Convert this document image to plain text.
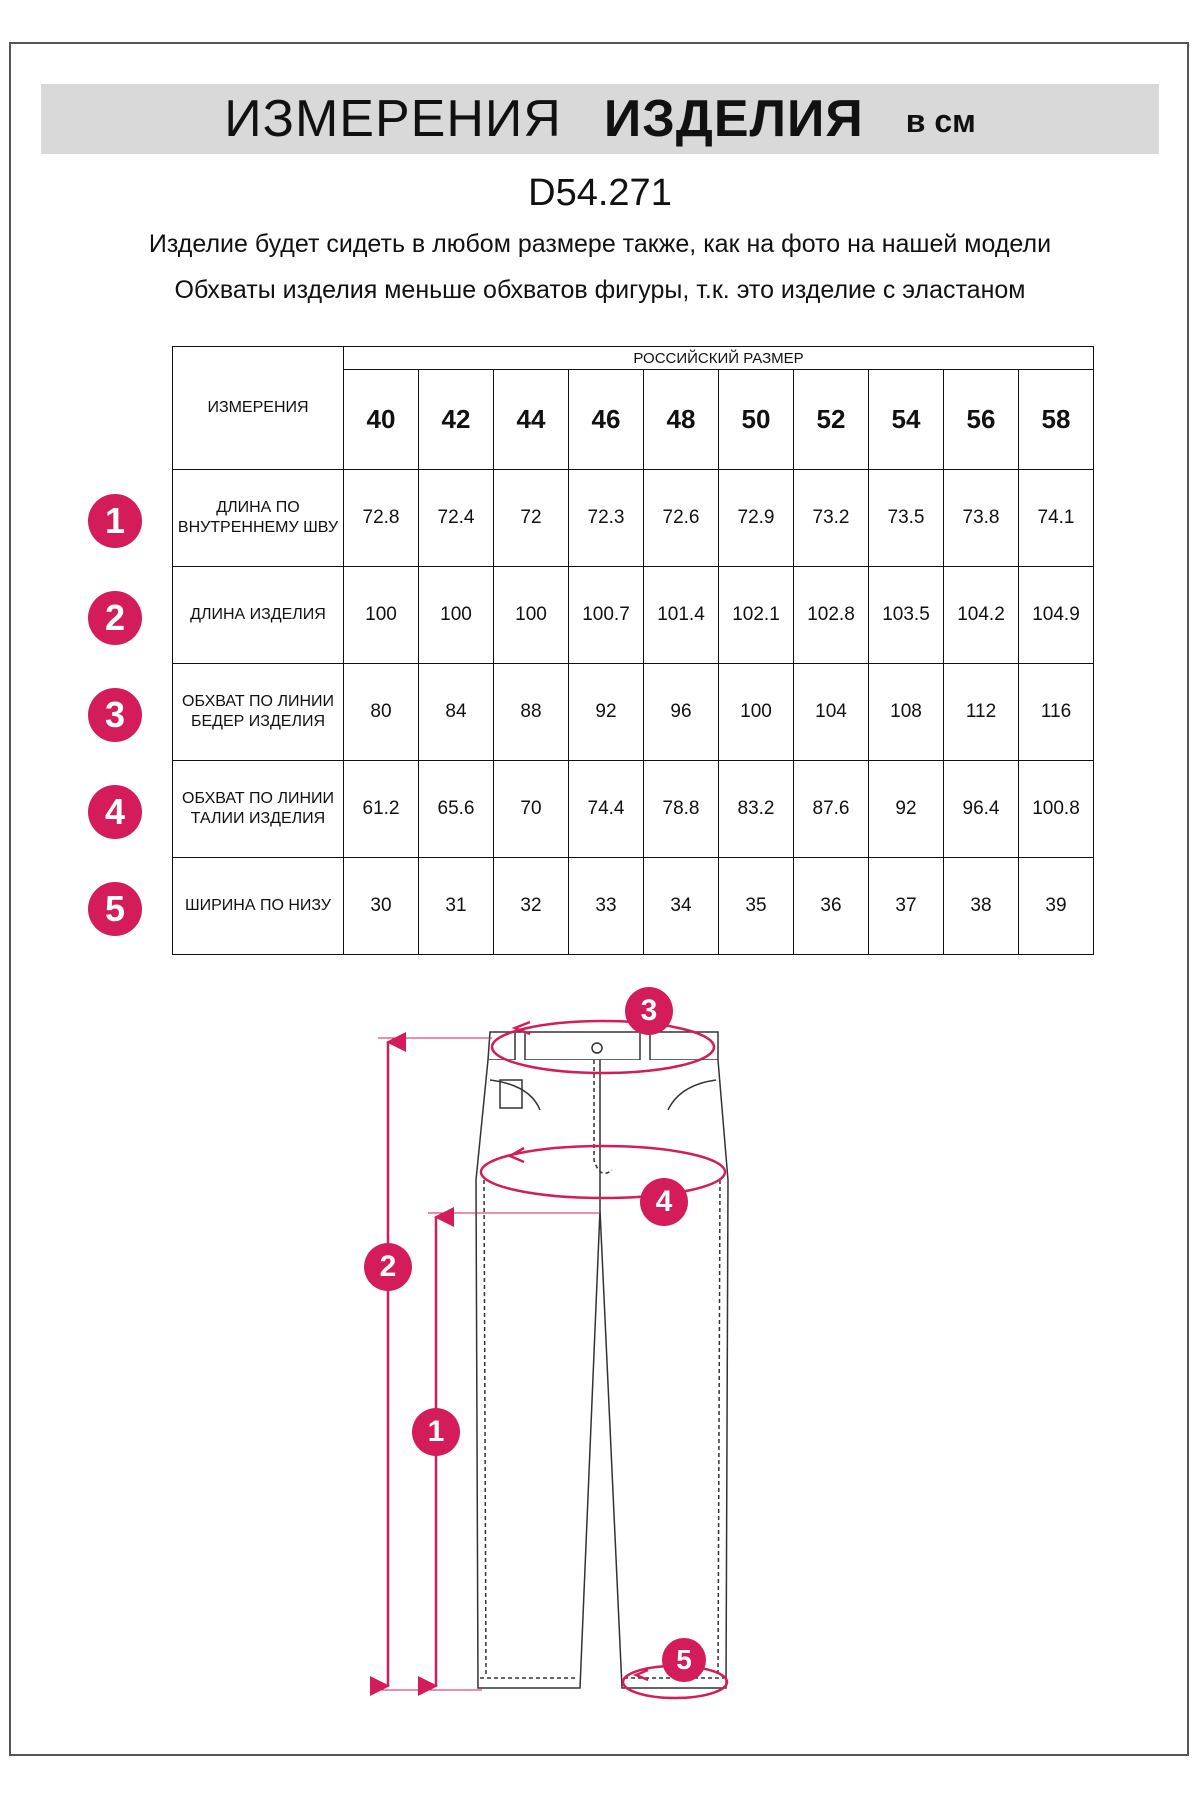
ИЗМЕРЕНИЯ ИЗДЕЛИЯ в см
D54.271
Изделие будет сидеть в любом размере также, как на фото на нашей модели
Обхваты изделия меньше обхватов фигуры, т.к. это изделие с эластаном
ИЗМЕРЕНИЯ	РОССИЙСКИЙ РАЗМЕР									
	40	42	44	46	48	50	52	54	56	58
ДЛИНА ПО ВНУТРЕННЕМУ ШВУ	72.8	72.4	72	72.3	72.6	72.9	73.2	73.5	73.8	74.1
ДЛИНА ИЗДЕЛИЯ	100	100	100	100.7	101.4	102.1	102.8	103.5	104.2	104.9
ОБХВАТ ПО ЛИНИИ БЕДЕР ИЗДЕЛИЯ	80	84	88	92	96	100	104	108	112	116
ОБХВАТ ПО ЛИНИИ ТАЛИИ ИЗДЕЛИЯ	61.2	65.6	70	74.4	78.8	83.2	87.6	92	96.4	100.8
ШИРИНА ПО НИЗУ	30	31	32	33	34	35	36	37	38	39
1
2
3
4
5
3
4
2
1
5
